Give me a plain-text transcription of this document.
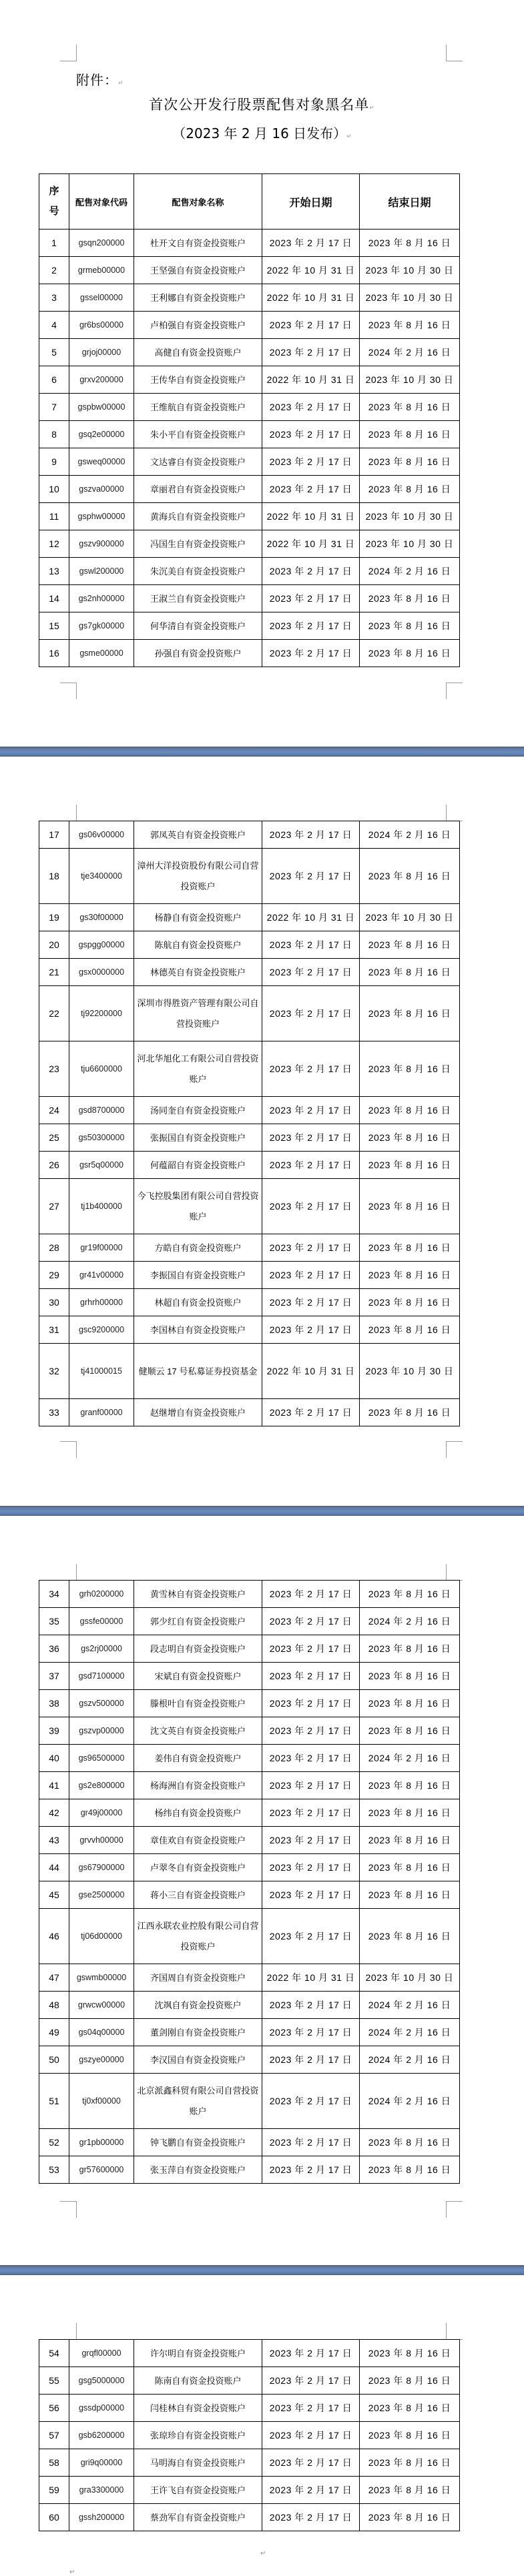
附件：↵
首次公开发行股票配售对象黑名单↵
（2023 年 2 月 16 日发布）↵
序
号	配售对象代码	配售对象名称	开始日期	结束日期
1	gsqn200000	杜开文自有资金投资账户	2023 年 2 月 17 日	2023 年 8 月 16 日
2	grmeb00000	王坚强自有资金投资账户	2022 年 10 月 31 日	2023 年 10 月 30 日
3	gssel00000	王利娜自有资金投资账户	2022 年 10 月 31 日	2023 年 10 月 30 日
4	gr6bs00000	卢柏强自有资金投资账户	2023 年 2 月 17 日	2023 年 8 月 16 日
5	grjoj00000	高健自有资金投资账户	2023 年 2 月 17 日	2024 年 2 月 16 日
6	grxv200000	王传华自有资金投资账户	2022 年 10 月 31 日	2023 年 10 月 30 日
7	gspbw00000	王维航自有资金投资账户	2023 年 2 月 17 日	2023 年 8 月 16 日
8	gsq2e00000	朱小平自有资金投资账户	2023 年 2 月 17 日	2023 年 8 月 16 日
9	gsweq00000	文达睿自有资金投资账户	2023 年 2 月 17 日	2023 年 8 月 16 日
10	gszva00000	章丽君自有资金投资账户	2023 年 2 月 17 日	2023 年 8 月 16 日
11	gsphw00000	黄海兵自有资金投资账户	2022 年 10 月 31 日	2023 年 10 月 30 日
12	gszv900000	冯国生自有资金投资账户	2022 年 10 月 31 日	2023 年 10 月 30 日
13	gswl200000	朱沉美自有资金投资账户	2023 年 2 月 17 日	2024 年 2 月 16 日
14	gs2nh00000	王淑兰自有资金投资账户	2023 年 2 月 17 日	2023 年 8 月 16 日
15	gs7gk00000	何华清自有资金投资账户	2023 年 2 月 17 日	2023 年 8 月 16 日
16	gsme00000	孙强自有资金投资账户	2023 年 2 月 17 日	2023 年 8 月 16 日
17	gs06v00000	郭凤英自有资金投资账户	2023 年 2 月 17 日	2024 年 2 月 16 日
18	tje3400000	漳州大洋投资股份有限公司自营投资账户	2023 年 2 月 17 日	2023 年 8 月 16 日
19	gs30f00000	杨静自有资金投资账户	2022 年 10 月 31 日	2023 年 10 月 30 日
20	gspgg00000	陈航自有资金投资账户	2023 年 2 月 17 日	2023 年 8 月 16 日
21	gsx0000000	林德英自有资金投资账户	2023 年 2 月 17 日	2023 年 8 月 16 日
22	tj92200000	深圳市得胜资产管理有限公司自营投资账户	2023 年 2 月 17 日	2023 年 8 月 16 日
23	tju6600000	河北华旭化工有限公司自营投资账户	2023 年 2 月 17 日	2023 年 8 月 16 日
24	gsd8700000	汤同奎自有资金投资账户	2023 年 2 月 17 日	2023 年 8 月 16 日
25	gs50300000	张振国自有资金投资账户	2023 年 2 月 17 日	2023 年 8 月 16 日
26	gsr5q00000	何蕴韶自有资金投资账户	2023 年 2 月 17 日	2023 年 8 月 16 日
27	tj1b400000	今飞控股集团有限公司自营投资账户	2023 年 2 月 17 日	2023 年 8 月 16 日
28	gr19f00000	方皓自有资金投资账户	2023 年 2 月 17 日	2023 年 8 月 16 日
29	gr41v00000	李振国自有资金投资账户	2023 年 2 月 17 日	2023 年 8 月 16 日
30	grhrh00000	林超自有资金投资账户	2023 年 2 月 17 日	2023 年 8 月 16 日
31	gsc9200000	李国林自有资金投资账户	2023 年 2 月 17 日	2023 年 8 月 16 日
32	tj41000015	健顺云 17 号私募证券投资基金	2022 年 10 月 31 日	2023 年 10 月 30 日
33	granf00000	赵继增自有资金投资账户	2023 年 2 月 17 日	2023 年 8 月 16 日
34	grh0200000	黄雪林自有资金投资账户	2023 年 2 月 17 日	2023 年 8 月 16 日
35	gssfe00000	郭少红自有资金投资账户	2023 年 2 月 17 日	2024 年 2 月 16 日
36	gs2rj00000	段志明自有资金投资账户	2023 年 2 月 17 日	2023 年 8 月 16 日
37	gsd7100000	宋斌自有资金投资账户	2023 年 2 月 17 日	2023 年 8 月 16 日
38	gszv500000	滕根叶自有资金投资账户	2023 年 2 月 17 日	2023 年 8 月 16 日
39	gszvp00000	沈文英自有资金投资账户	2023 年 2 月 17 日	2023 年 8 月 16 日
40	gs96500000	姜伟自有资金投资账户	2023 年 2 月 17 日	2024 年 2 月 16 日
41	gs2e800000	杨海洲自有资金投资账户	2023 年 2 月 17 日	2023 年 8 月 16 日
42	gr49j00000	杨纬自有资金投资账户	2023 年 2 月 17 日	2023 年 8 月 16 日
43	grvvh00000	章佳欢自有资金投资账户	2023 年 2 月 17 日	2023 年 8 月 16 日
44	gs67900000	卢翠冬自有资金投资账户	2023 年 2 月 17 日	2023 年 8 月 16 日
45	gse2500000	蒋小三自有资金投资账户	2023 年 2 月 17 日	2023 年 8 月 16 日
46	tj06d00000	江西永联农业控股有限公司自营投资账户	2023 年 2 月 17 日	2023 年 8 月 16 日
47	gswmb00000	齐国周自有资金投资账户	2022 年 10 月 31 日	2023 年 10 月 30 日
48	grwcw00000	沈飒自有资金投资账户	2023 年 2 月 17 日	2024 年 2 月 16 日
49	gs04q00000	董剑刚自有资金投资账户	2023 年 2 月 17 日	2024 年 2 月 16 日
50	gszye00000	李汉国自有资金投资账户	2023 年 2 月 17 日	2024 年 2 月 16 日
51	tj0xf00000	北京派鑫科贸有限公司自营投资账户	2023 年 2 月 17 日	2024 年 2 月 16 日
52	gr1pb00000	钟飞鹏自有资金投资账户	2023 年 2 月 17 日	2023 年 8 月 16 日
53	gr57600000	张玉萍自有资金投资账户	2023 年 2 月 17 日	2023 年 8 月 16 日
54	grqfl00000	许尔明自有资金投资账户	2023 年 2 月 17 日	2023 年 8 月 16 日
55	gsg5000000	陈南自有资金投资账户	2023 年 2 月 17 日	2023 年 8 月 16 日
56	gssdp00000	闫桂林自有资金投资账户	2023 年 2 月 17 日	2023 年 8 月 16 日
57	gsb6200000	张琼珍自有资金投资账户	2023 年 2 月 17 日	2023 年 8 月 16 日
58	gri9q00000	马明海自有资金投资账户	2023 年 2 月 17 日	2023 年 8 月 16 日
59	gra3300000	王许飞自有资金投资账户	2023 年 2 月 17 日	2023 年 8 月 16 日
60	gssh200000	蔡劲军自有资金投资账户	2023 年 2 月 17 日	2023 年 8 月 16 日
↵
↵
